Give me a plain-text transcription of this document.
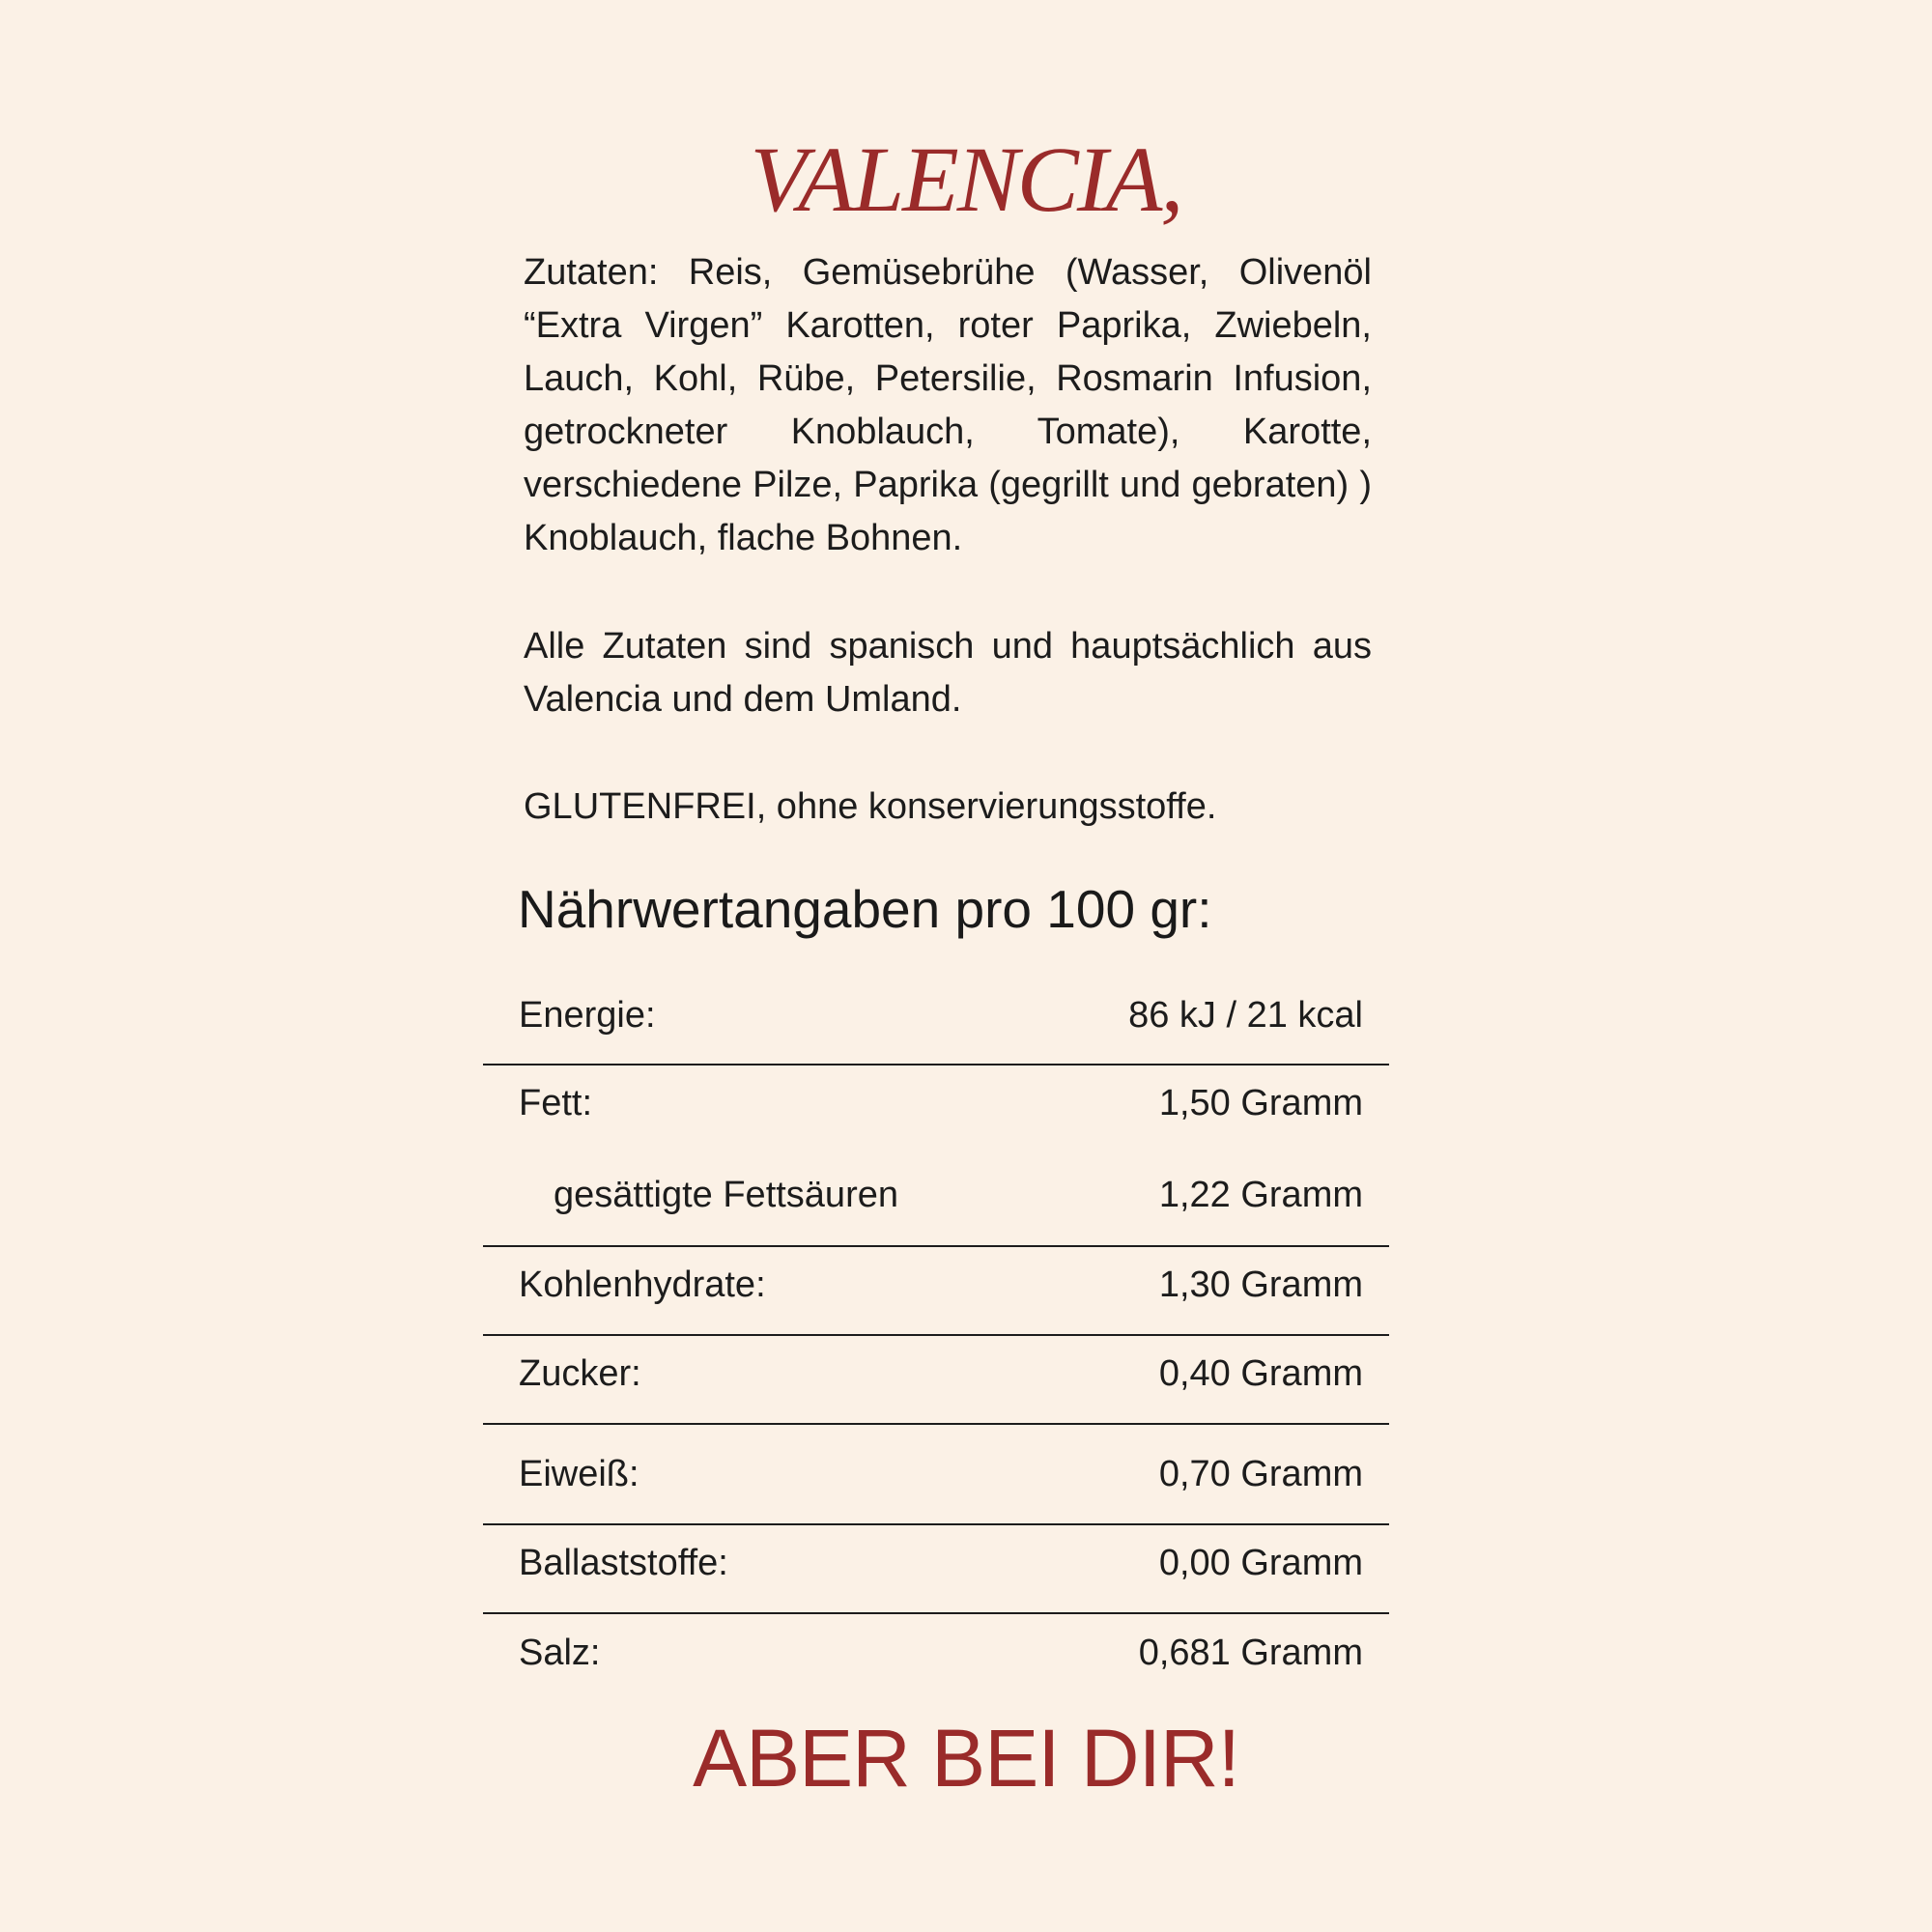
VALENCIA,
Zutaten: Reis, Gemüsebrühe (Wasser, Olivenöl “Extra Virgen” Karotten, roter Paprika, Zwiebeln, Lauch, Kohl, Rübe, Petersilie, Rosmarin Infusion, getrockneter Knoblauch, Tomate), Karotte, verschiedene Pilze, Paprika (gegrillt und gebraten) ) Knoblauch, flache Bohnen.
Alle Zutaten sind spanisch und hauptsächlich aus Valencia und dem Umland.
GLUTENFREI, ohne konservierungsstoffe.
Nährwertangaben pro 100 gr:
Energie:	86 kJ / 21 kcal
Fett:	1,50 Gramm
gesättigte Fettsäuren	1,22 Gramm
Kohlenhydrate:	1,30 Gramm
Zucker:	0,40 Gramm
Eiweiß:	0,70 Gramm
Ballaststoffe:	0,00 Gramm
Salz:	0,681 Gramm
ABER BEI DIR!
